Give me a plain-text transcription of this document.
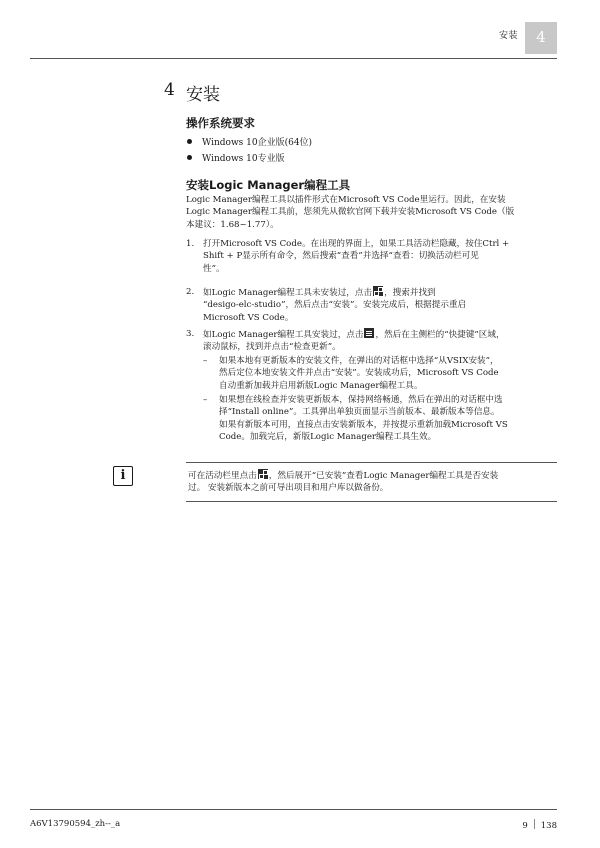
安装	4
4 安装
操作系统要求
Windows 10企业版(64位)
Windows 10专业版
安装Logic Manager编程工具
Logic Manager编程工具以插件形式在Microsoft VS Code里运行。因此，在安装
Logic Manager编程工具前，您须先从微软官网下载并安装Microsoft VS Code（版
本建议：1.68~1.77）。
1. 打开Microsoft VS Code。在出现的界面上，如果工具活动栏隐藏，按住Ctrl +
Shift + P显示所有命令，然后搜索“查看”并选择“查看：切换活动栏可见
性”。
2. 如Logic Manager编程工具未安装过，点击 ，搜索并找到
“desigo-elc-studio”，然后点击“安装”。安装完成后，根据提示重启
Microsoft VS Code。
3. 如Logic Manager编程工具安装过，点击 ，然后在主侧栏的“快捷键”区域，
滚动鼠标，找到并点击“检查更新”。
– 如果本地有更新版本的安装文件，在弹出的对话框中选择“从VSIX安装”，
然后定位本地安装文件并点击“安装”。安装成功后，Microsoft VS Code
自动重新加载并启用新版Logic Manager编程工具。
– 如果想在线检查并安装更新版本，保持网络畅通，然后在弹出的对话框中选
择“Install online”。工具弹出单独页面显示当前版本、最新版本等信息。
如果有新版本可用，直接点击安装新版本，并按提示重新加载Microsoft VS
Code。加载完后，新版Logic Manager编程工具生效。
i	可在活动栏里点击 ，然后展开“已安装”查看Logic Manager编程工具是否安装
过。 安装新版本之前可导出项目和用户库以做备份。
A6V13790594_zh--_a	9 138
